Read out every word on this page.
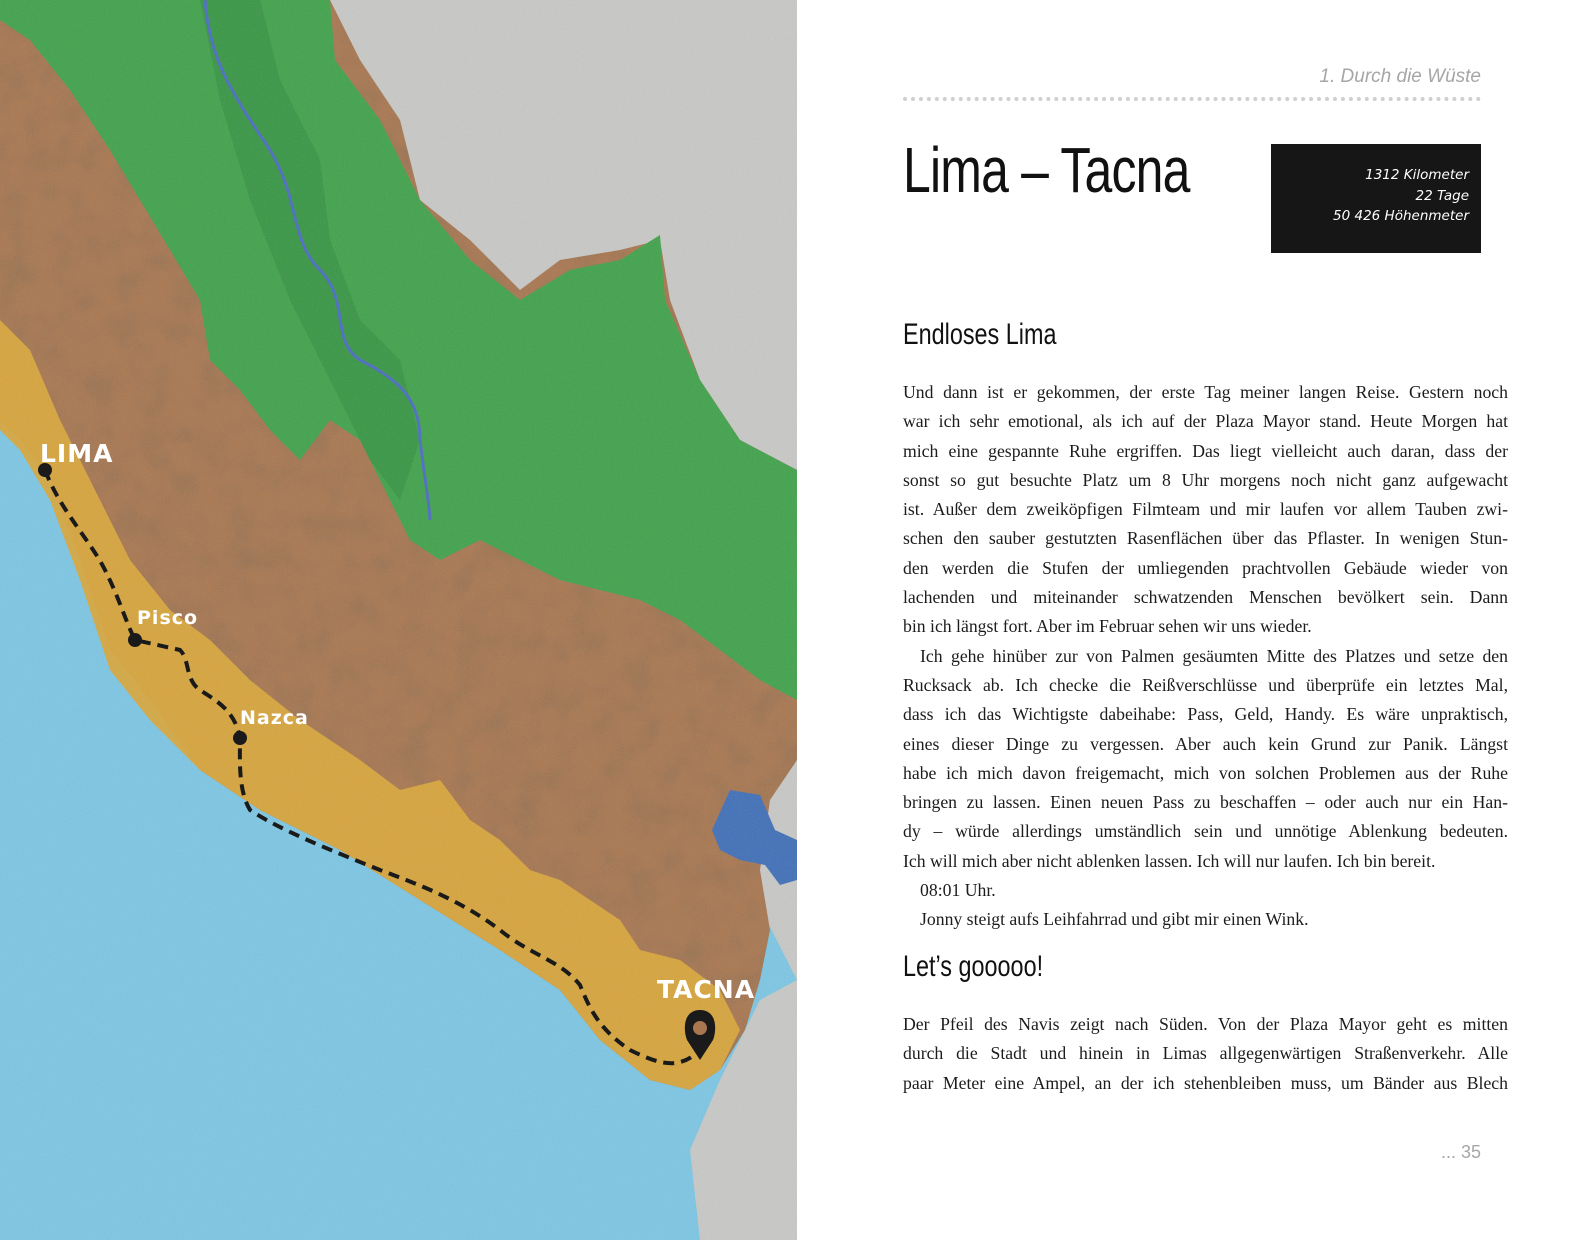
LIMA
Pisco
Nazca
TACNA
1. Durch die Wüste
Lima – Tacna	1312 Kilometer
22 Tage
50 426 Höhenmeter
Endloses Lima

Und dann ist er gekommen, der erste Tag meiner langen Reise. Gestern noch

war ich sehr emotional, als ich auf der Plaza Mayor stand. Heute Morgen hat

mich eine gespannte Ruhe ergriffen. Das liegt vielleicht auch daran, dass der

sonst so gut besuchte Platz um 8 Uhr morgens noch nicht ganz aufgewacht

ist. Außer dem zweiköpfigen Filmteam und mir laufen vor allem Tauben zwi-

schen den sauber gestutzten Rasenflächen über das Pflaster. In wenigen Stun-

den werden die Stufen der umliegenden prachtvollen Gebäude wieder von

lachenden und miteinander schwatzenden Menschen bevölkert sein. Dann

bin ich längst fort. Aber im Februar sehen wir uns wieder.

Ich gehe hinüber zur von Palmen gesäumten Mitte des Platzes und setze den

Rucksack ab. Ich checke die Reißverschlüsse und überprüfe ein letztes Mal,

dass ich das Wichtigste dabeihabe: Pass, Geld, Handy. Es wäre unpraktisch,

eines dieser Dinge zu vergessen. Aber auch kein Grund zur Panik. Längst

habe ich mich davon freigemacht, mich von solchen Problemen aus der Ruhe

bringen zu lassen. Einen neuen Pass zu beschaffen – oder auch nur ein Han-

dy – würde allerdings umständlich sein und unnötige Ablenkung bedeuten.

Ich will mich aber nicht ablenken lassen. Ich will nur laufen. Ich bin bereit.

08:01 Uhr.

Jonny steigt aufs Leihfahrrad und gibt mir einen Wink.

Let’s gooooo!

Der Pfeil des Navis zeigt nach Süden. Von der Plaza Mayor geht es mitten

durch die Stadt und hinein in Limas allgegenwärtigen Straßenverkehr. Alle

paar Meter eine Ampel, an der ich stehenbleiben muss, um Bänder aus Blech

... 35
